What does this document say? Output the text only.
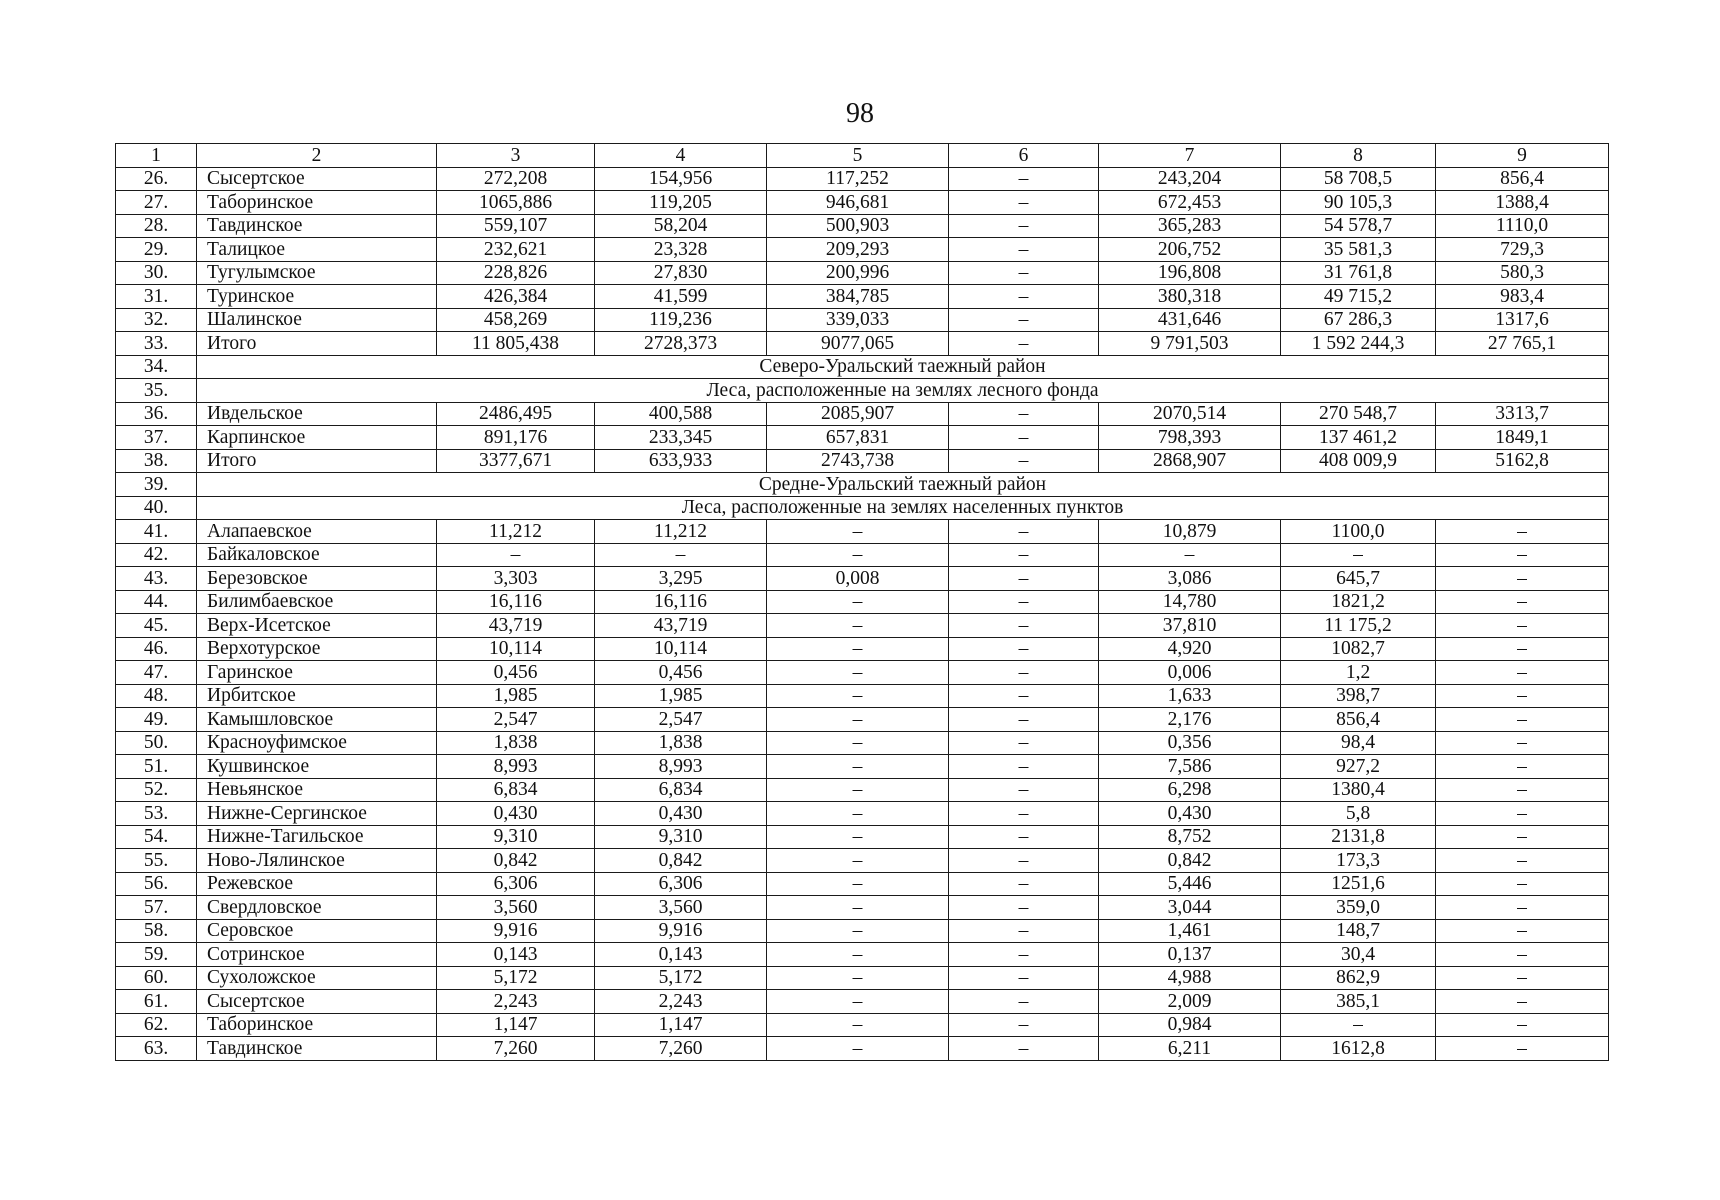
98
1	2	3	4	5	6	7	8	9
26.	Сысертское	272,208	154,956	117,252	–	243,204	58 708,5	856,4
27.	Таборинское	1065,886	119,205	946,681	–	672,453	90 105,3	1388,4
28.	Тавдинское	559,107	58,204	500,903	–	365,283	54 578,7	1110,0
29.	Талицкое	232,621	23,328	209,293	–	206,752	35 581,3	729,3
30.	Тугулымское	228,826	27,830	200,996	–	196,808	31 761,8	580,3
31.	Туринское	426,384	41,599	384,785	–	380,318	49 715,2	983,4
32.	Шалинское	458,269	119,236	339,033	–	431,646	67 286,3	1317,6
33.	Итого	11 805,438	2728,373	9077,065	–	9 791,503	1 592 244,3	27 765,1
34.	Северо-Уральский таежный район							
35.	Леса, расположенные на землях лесного фонда							
36.	Ивдельское	2486,495	400,588	2085,907	–	2070,514	270 548,7	3313,7
37.	Карпинское	891,176	233,345	657,831	–	798,393	137 461,2	1849,1
38.	Итого	3377,671	633,933	2743,738	–	2868,907	408 009,9	5162,8
39.	Средне-Уральский таежный район							
40.	Леса, расположенные на землях населенных пунктов							
41.	Алапаевское	11,212	11,212	–	–	10,879	1100,0	–
42.	Байкаловское	–	–	–	–	–	–	–
43.	Березовское	3,303	3,295	0,008	–	3,086	645,7	–
44.	Билимбаевское	16,116	16,116	–	–	14,780	1821,2	–
45.	Верх-Исетское	43,719	43,719	–	–	37,810	11 175,2	–
46.	Верхотурское	10,114	10,114	–	–	4,920	1082,7	–
47.	Гаринское	0,456	0,456	–	–	0,006	1,2	–
48.	Ирбитское	1,985	1,985	–	–	1,633	398,7	–
49.	Камышловское	2,547	2,547	–	–	2,176	856,4	–
50.	Красноуфимское	1,838	1,838	–	–	0,356	98,4	–
51.	Кушвинское	8,993	8,993	–	–	7,586	927,2	–
52.	Невьянское	6,834	6,834	–	–	6,298	1380,4	–
53.	Нижне-Сергинское	0,430	0,430	–	–	0,430	5,8	–
54.	Нижне-Тагильское	9,310	9,310	–	–	8,752	2131,8	–
55.	Ново-Лялинское	0,842	0,842	–	–	0,842	173,3	–
56.	Режевское	6,306	6,306	–	–	5,446	1251,6	–
57.	Свердловское	3,560	3,560	–	–	3,044	359,0	–
58.	Серовское	9,916	9,916	–	–	1,461	148,7	–
59.	Сотринское	0,143	0,143	–	–	0,137	30,4	–
60.	Сухоложское	5,172	5,172	–	–	4,988	862,9	–
61.	Сысертское	2,243	2,243	–	–	2,009	385,1	–
62.	Таборинское	1,147	1,147	–	–	0,984	–	–
63.	Тавдинское	7,260	7,260	–	–	6,211	1612,8	–
